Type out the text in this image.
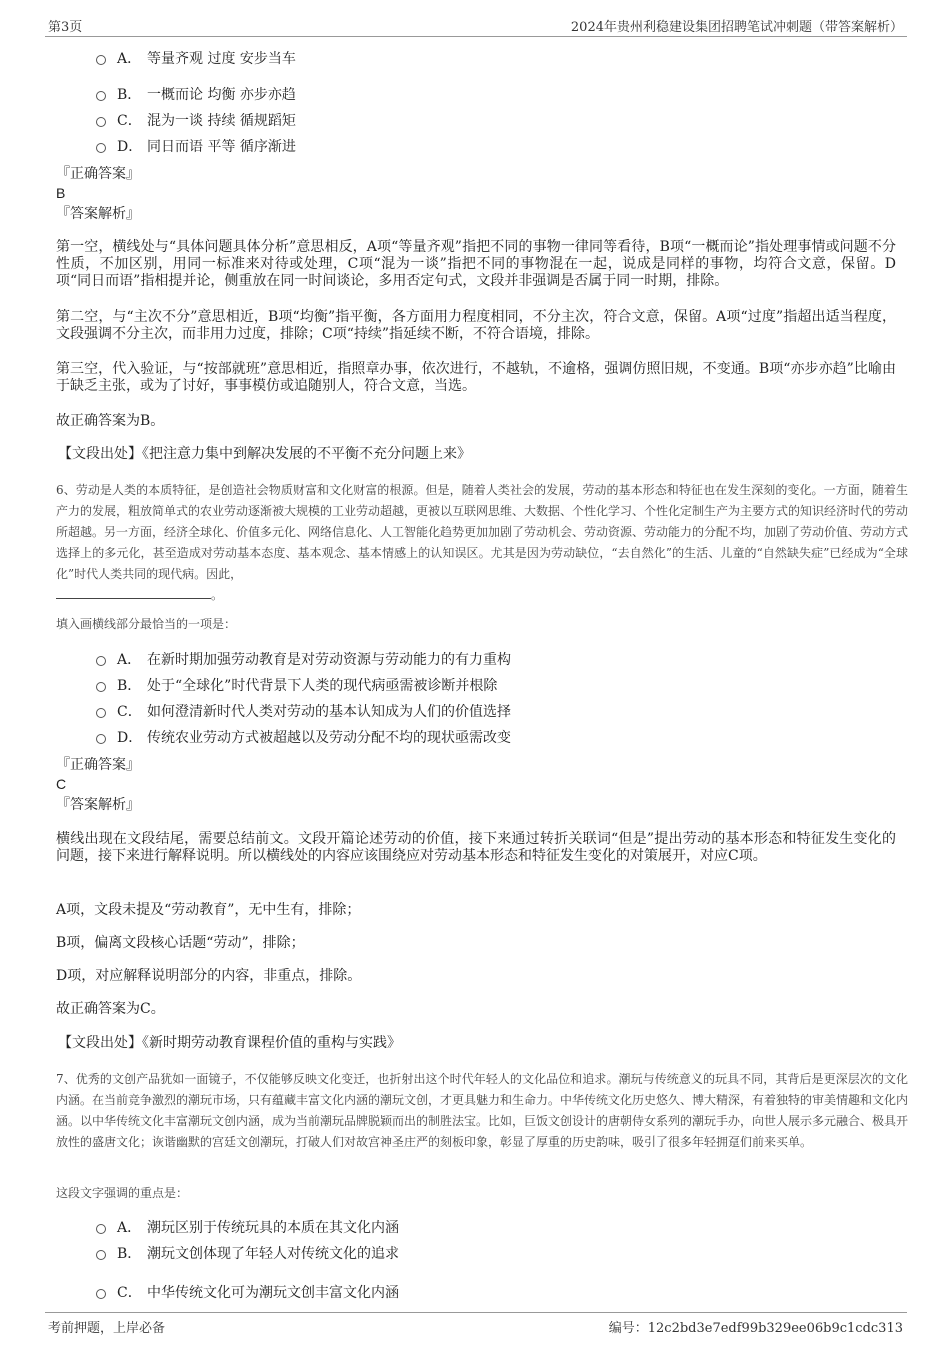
第3页	2024年贵州利稳建设集团招聘笔试冲刺题（带答案解析）
A． 等量齐观 过度 安步当车
B． 一概而论 均衡 亦步亦趋
C． 混为一谈 持续 循规蹈矩
D． 同日而语 平等 循序渐进
『正确答案』
B
『答案解析』
第一空，横线处与“具体问题具体分析”意思相反，A项“等量齐观”指把不同的事物一律同等看待，B项“一概而论”指处理事情或问题不分性质，不加区别，用同一标准来对待或处理，C项“混为一谈”指把不同的事物混在一起，说成是同样的事物，均符合文意，保留。D项“同日而语”指相提并论，侧重放在同一时间谈论，多用否定句式，文段并非强调是否属于同一时期，排除。
第二空，与“主次不分”意思相近，B项“均衡”指平衡，各方面用力程度相同，不分主次，符合文意，保留。A项“过度”指超出适当程度，文段强调不分主次，而非用力过度，排除；C项“持续”指延续不断，不符合语境，排除。
第三空，代入验证，与“按部就班”意思相近，指照章办事，依次进行，不越轨，不逾格，强调仿照旧规，不变通。B项“亦步亦趋”比喻由于缺乏主张，或为了讨好，事事模仿或追随别人，符合文意，当选。
故正确答案为B。
【文段出处】《把注意力集中到解决发展的不平衡不充分问题上来》
6、劳动是人类的本质特征，是创造社会物质财富和文化财富的根源。但是，随着人类社会的发展，劳动的基本形态和特征也在发生深刻的变化。一方面，随着生产力的发展，粗放简单式的农业劳动逐渐被大规模的工业劳动超越，更被以互联网思维、大数据、个性化学习、个性化定制生产为主要方式的知识经济时代的劳动所超越。另一方面，经济全球化、价值多元化、网络信息化、人工智能化趋势更加加剧了劳动机会、劳动资源、劳动能力的分配不均，加剧了劳动价值、劳动方式选择上的多元化，甚至造成对劳动基本态度、基本观念、基本情感上的认知误区。尤其是因为劳动缺位，“去自然化”的生活、儿童的“自然缺失症”已经成为“全球化”时代人类共同的现代病。因此，
。
填入画横线部分最恰当的一项是：
A． 在新时期加强劳动教育是对劳动资源与劳动能力的有力重构
B． 处于“全球化”时代背景下人类的现代病亟需被诊断并根除
C． 如何澄清新时代人类对劳动的基本认知成为人们的价值选择
D． 传统农业劳动方式被超越以及劳动分配不均的现状亟需改变
『正确答案』
C
『答案解析』
横线出现在文段结尾，需要总结前文。文段开篇论述劳动的价值，接下来通过转折关联词“但是”提出劳动的基本形态和特征发生变化的问题，接下来进行解释说明。所以横线处的内容应该围绕应对劳动基本形态和特征发生变化的对策展开，对应C项。
A项，文段未提及“劳动教育”，无中生有，排除；
B项，偏离文段核心话题“劳动”，排除；
D项，对应解释说明部分的内容，非重点，排除。
故正确答案为C。
【文段出处】《新时期劳动教育课程价值的重构与实践》
7、优秀的文创产品犹如一面镜子，不仅能够反映文化变迁，也折射出这个时代年轻人的文化品位和追求。潮玩与传统意义的玩具不同，其背后是更深层次的文化内涵。在当前竞争激烈的潮玩市场，只有蕴藏丰富文化内涵的潮玩文创，才更具魅力和生命力。中华传统文化历史悠久、博大精深，有着独特的审美情趣和文化内涵。以中华传统文化丰富潮玩文创内涵，成为当前潮玩品牌脱颖而出的制胜法宝。比如，巨饭文创设计的唐朝侍女系列的潮玩手办，向世人展示多元融合、极具开放性的盛唐文化；诙谐幽默的宫廷文创潮玩，打破人们对故宫神圣庄严的刻板印象，彰显了厚重的历史韵味，吸引了很多年轻拥趸们前来买单。
这段文字强调的重点是：
A． 潮玩区别于传统玩具的本质在其文化内涵
B． 潮玩文创体现了年轻人对传统文化的追求
C． 中华传统文化可为潮玩文创丰富文化内涵
考前押题，上岸必备	编号：12c2bd3e7edf99b329ee06b9c1cdc313
